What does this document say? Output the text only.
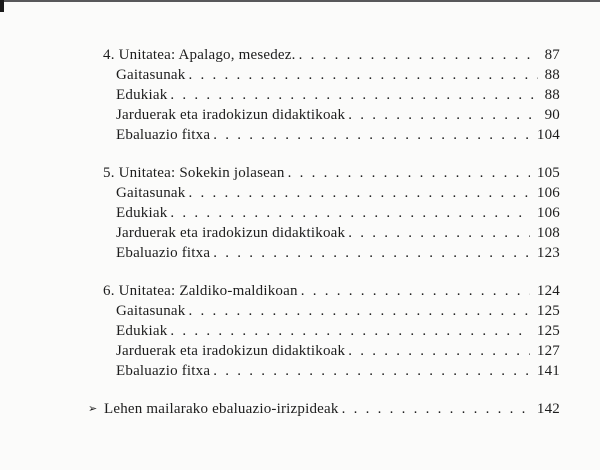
4. Unitatea: Apalago, mesedez. . . .	87
Gaitasunak . . .	88
Edukiak . . .	88
Jarduerak eta iradokizun didaktikoak . . .	90
Ebaluazio fitxa . . .	104
5. Unitatea: Sokekin jolasean . . .	105
Gaitasunak . . .	106
Edukiak . . .	106
Jarduerak eta iradokizun didaktikoak . . .	108
Ebaluazio fitxa . . .	123
6. Unitatea: Zaldiko-maldikoan . . .	124
Gaitasunak . . .	125
Edukiak . . .	125
Jarduerak eta iradokizun didaktikoak . . .	127
Ebaluazio fitxa . . .	141
➢ Lehen mailarako ebaluazio-irizpideak . . .	142
